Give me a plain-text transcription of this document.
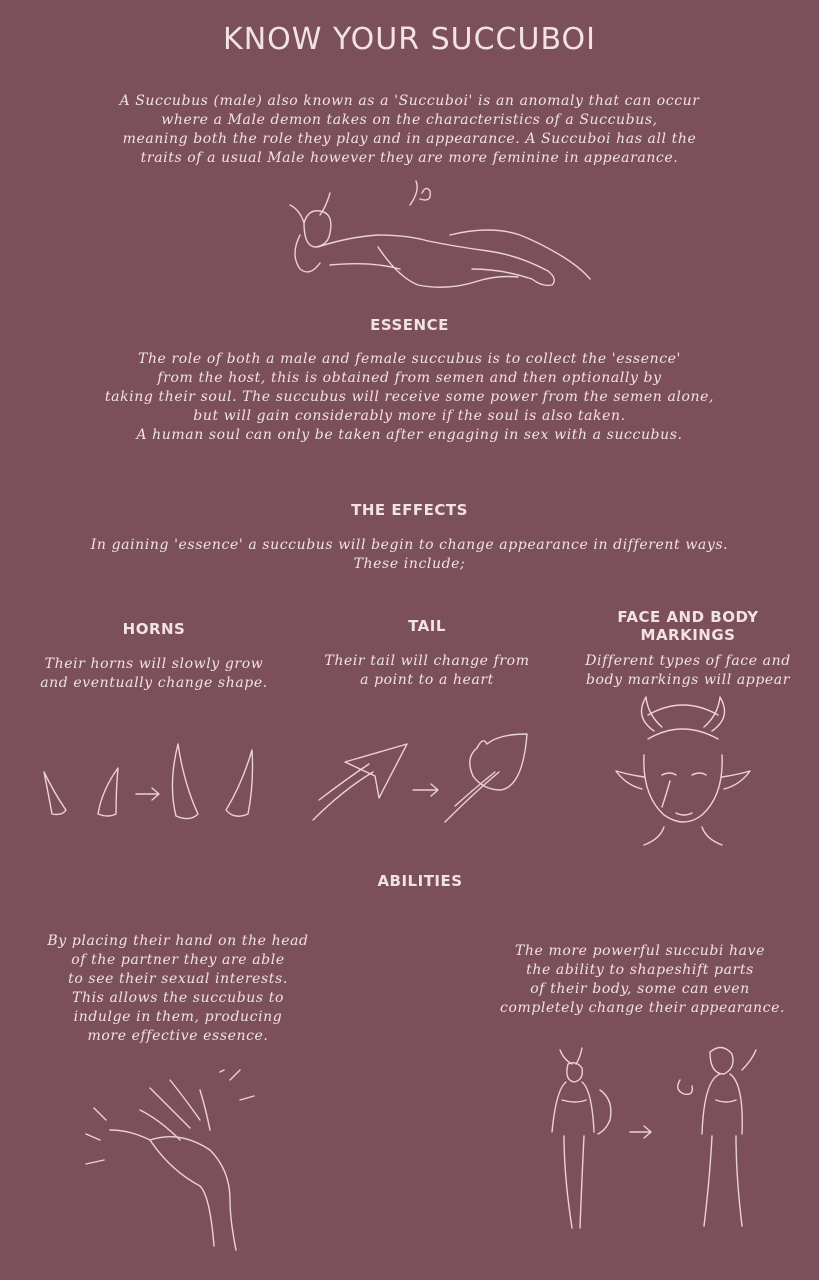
KNOW YOUR SUCCUBOI
A Succubus (male) also known as a 'Succuboi' is an anomaly that can occur
where a Male demon takes on the characteristics of a Succubus,
meaning both the role they play and in appearance. A Succuboi has all the
traits of a usual Male however they are more feminine in appearance.
ESSENCE
The role of both a male and female succubus is to collect the 'essence'
from the host, this is obtained from semen and then optionally by
taking their soul. The succubus will receive some power from the semen alone,
but will gain considerably more if the soul is also taken.
A human soul can only be taken after engaging in sex with a succubus.
THE EFFECTS
In gaining 'essence' a succubus will begin to change appearance in different ways.
These include;
HORNS
Their horns will slowly grow
and eventually change shape.
TAIL
Their tail will change from
a point to a heart
FACE AND BODY
MARKINGS
Different types of face and
body markings will appear
ABILITIES
By placing their hand on the head
of the partner they are able
to see their sexual interests.
This allows the succubus to
indulge in them, producing
more effective essence.
The more powerful succubi have
the ability to shapeshift parts
of their body, some can even
completely change their appearance.
